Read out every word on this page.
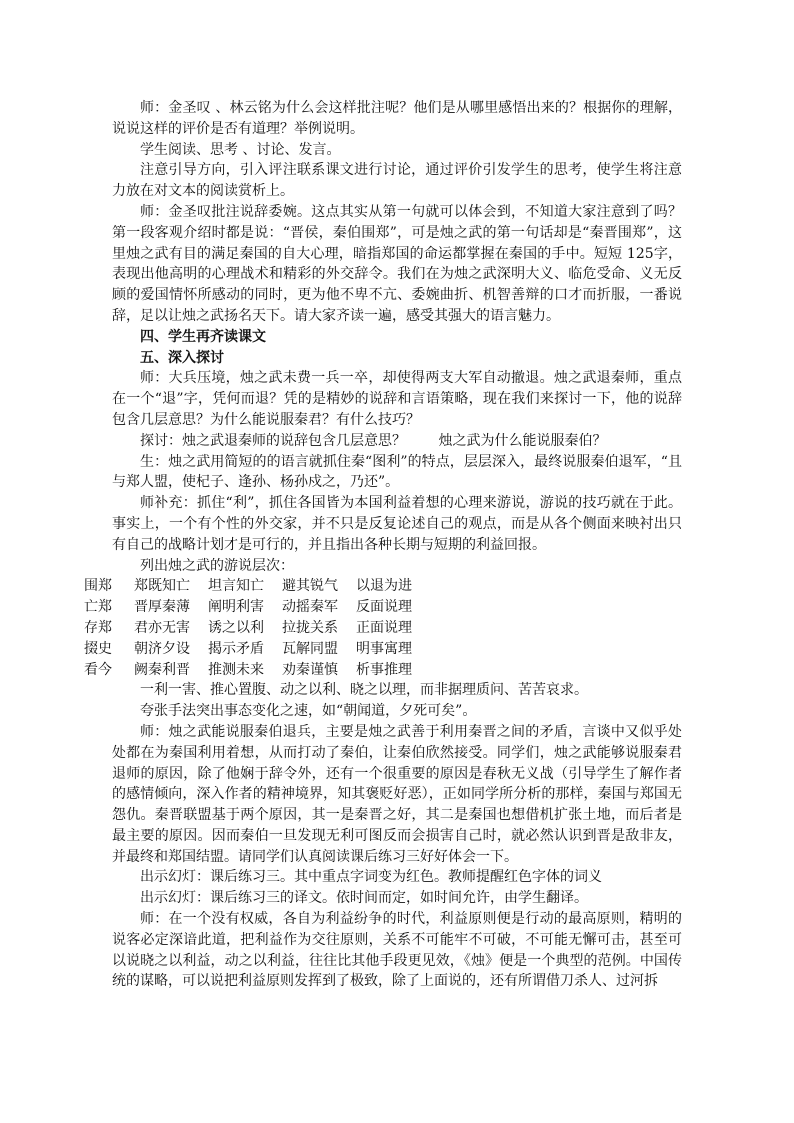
师：金圣叹 、林云铭为什么会这样批注呢？他们是从哪里感悟出来的？根据你的理解，说说这样的评价是否有道理？举例说明。

学生阅读、思考 、讨论、发言。

注意引导方向，引入评注联系课文进行讨论，通过评价引发学生的思考，使学生将注意力放在对文本的阅读赏析上。

师：金圣叹批注说辞委婉。这点其实从第一句就可以体会到，不知道大家注意到了吗？第一段客观介绍时都是说：“晋侯，秦伯围郑”，可是烛之武的第一句话却是“秦晋围郑”，这里烛之武有目的满足秦国的自大心理，暗指郑国的命运都掌握在秦国的手中。短短 125字，表现出他高明的心理战术和精彩的外交辞令。我们在为烛之武深明大义、临危受命、义无反顾的爱国情怀所感动的同时，更为他不卑不亢、委婉曲折、机智善辩的口才而折服，一番说辞，足以让烛之武扬名天下。请大家齐读一遍，感受其强大的语言魅力。

四、学生再齐读课文

五、深入探讨

师：大兵压境，烛之武未费一兵一卒，却使得两支大军自动撤退。烛之武退秦师，重点在一个“退”字，凭何而退？凭的是精妙的说辞和言语策略，现在我们来探讨一下，他的说辞包含几层意思？为什么能说服秦君？有什么技巧？

探讨：烛之武退秦师的说辞包含几层意思？　　 烛之武为什么能说服秦伯？

生：烛之武用简短的的语言就抓住秦“图利”的特点，层层深入，最终说服秦伯退军，“且与郑人盟，使杞子、逢孙、杨孙戍之，乃还”。

师补充：抓住“利”，抓住各国皆为本国利益着想的心理来游说，游说的技巧就在于此。事实上，一个有个性的外交家，并不只是反复论述自己的观点，而是从各个侧面来映衬出只有自己的战略计划才是可行的，并且指出各种长期与短期的利益回报。

列出烛之武的游说层次：

围郑	郑既知亡	坦言知亡	避其锐气	以退为进
亡郑	晋厚秦薄	阐明利害	动摇秦军	反面说理
存郑	君亦无害	诱之以利	拉拢关系	正面说理
掇史	朝济夕设	揭示矛盾	瓦解同盟	明事寓理
看今	阙秦利晋	推测未来	劝秦谨慎	析事推理

一利一害、推心置腹、动之以利、晓之以理，而非据理质问、苦苦哀求。

夸张手法突出事态变化之速，如“朝闻道，夕死可矣”。

师：烛之武能说服秦伯退兵，主要是烛之武善于利用秦晋之间的矛盾，言谈中又似乎处处都在为秦国利用着想，从而打动了秦伯，让秦伯欣然接受。同学们，烛之武能够说服秦君退师的原因，除了他娴于辞令外，还有一个很重要的原因是春秋无义战（引导学生了解作者的感情倾向，深入作者的精神境界，知其褒贬好恶），正如同学所分析的那样，秦国与郑国无怨仇。秦晋联盟基于两个原因，其一是秦晋之好，其二是秦国也想借机扩张土地，而后者是最主要的原因。因而秦伯一旦发现无利可图反而会损害自己时，就必然认识到晋是敌非友，并最终和郑国结盟。请同学们认真阅读课后练习三好好体会一下。

出示幻灯：课后练习三。其中重点字词变为红色。教师提醒红色字体的词义

出示幻灯：课后练习三的译文。依时间而定，如时间允许，由学生翻译。

师：在一个没有权威，各自为利益纷争的时代，利益原则便是行动的最高原则，精明的说客必定深谙此道，把利益作为交往原则，关系不可能牢不可破，不可能无懈可击，甚至可以说晓之以利益，动之以利益，往往比其他手段更见效，《烛》便是一个典型的范例。中国传统的谋略，可以说把利益原则发挥到了极致，除了上面说的，还有所谓借刀杀人、过河拆
